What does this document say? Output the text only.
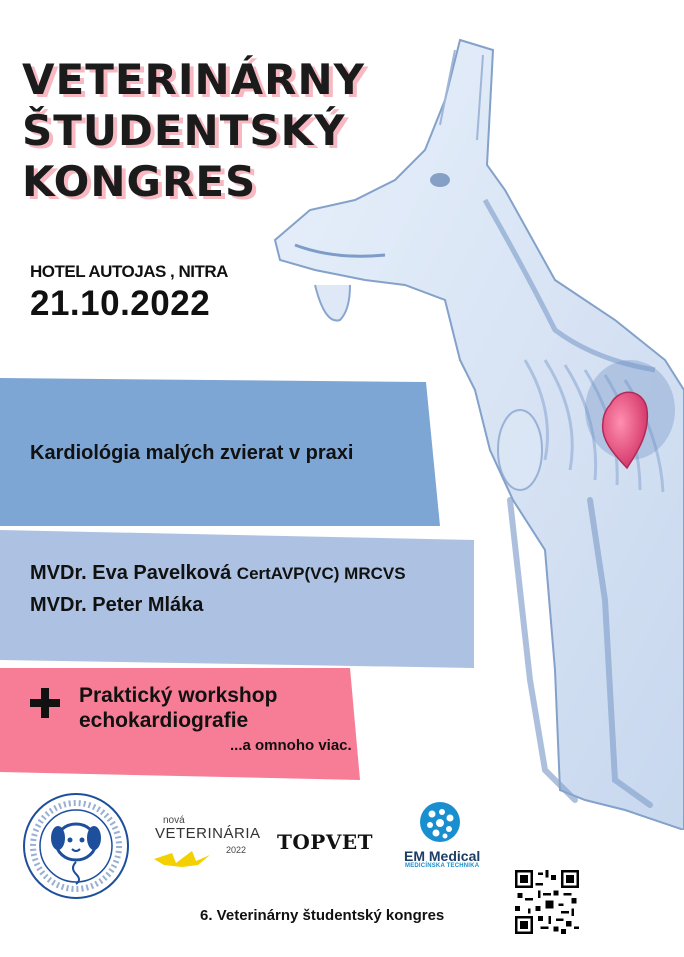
VETERINÁRNY
ŠTUDENTSKÝ
KONGRES
HOTEL AUTOJAS , NITRA
21.10.2022
Kardiológia malých zvierat v praxi
MVDr. Eva Pavelková CertAVP(VC) MRCVS
MVDr. Peter Mláka
Praktický workshop
echokardiografie
...a omnoho viac.
nová
VETERINÁRIA
2022 TOPVET
EM Medical
MEDICÍNSKA TECHNIKA
6. Veterinárny študentský kongres
